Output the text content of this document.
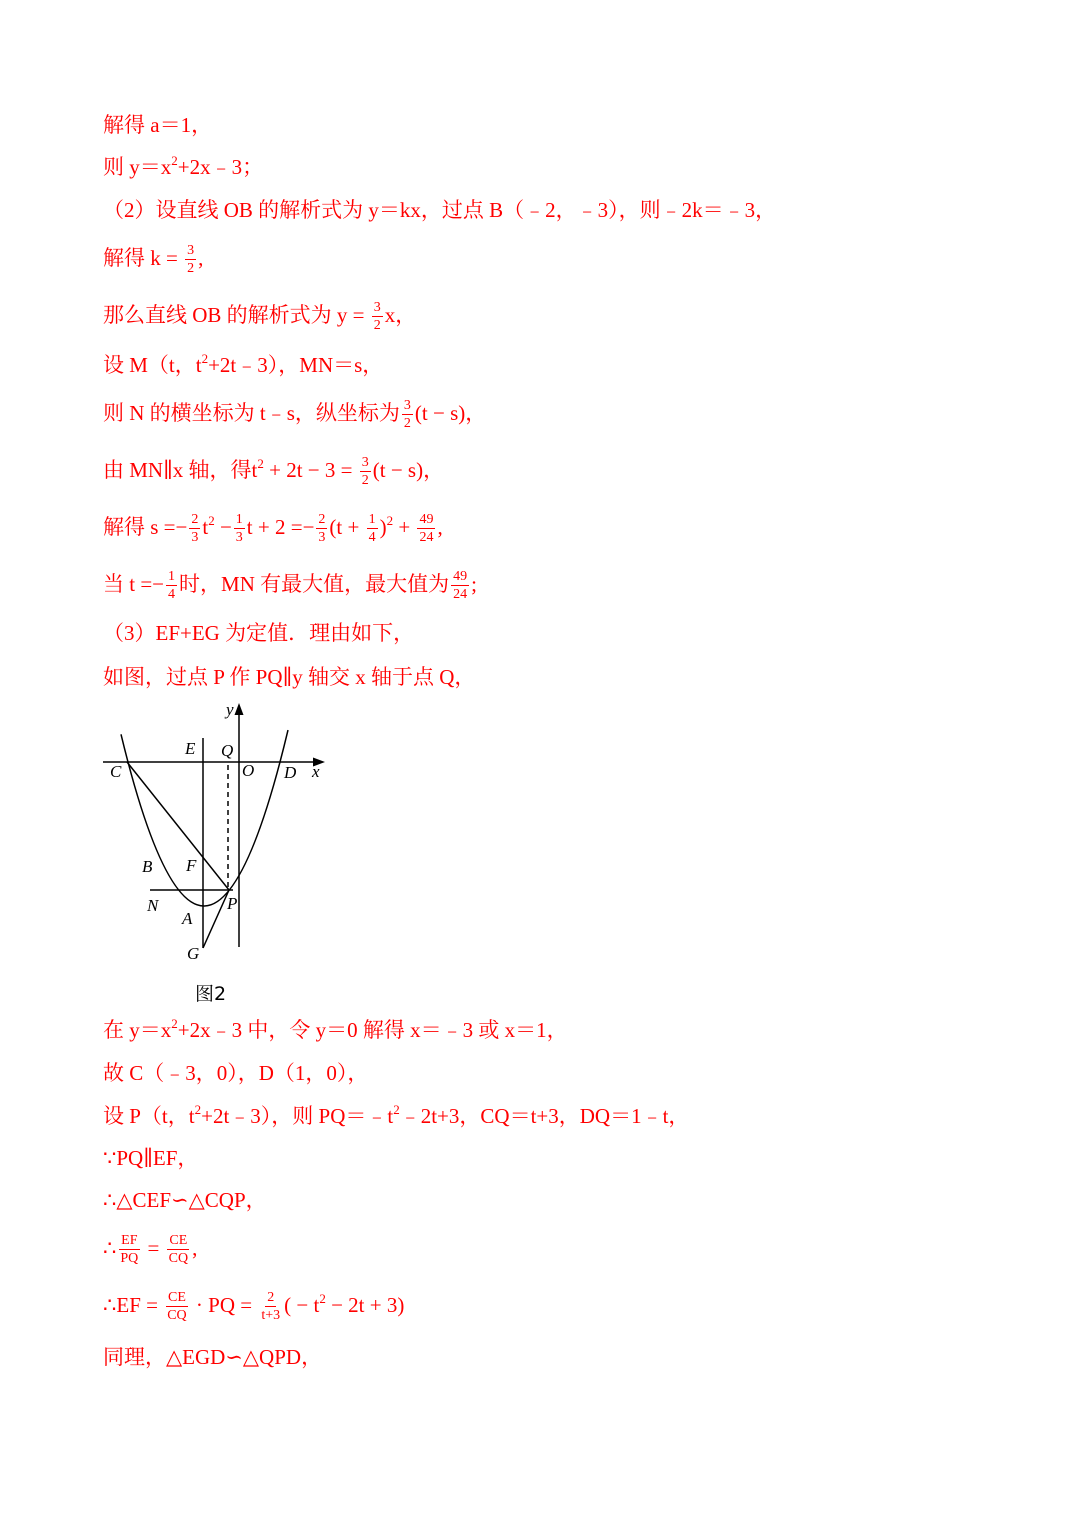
解得 a＝1，
则 $y=x^2+2x﹣3$；
（2）设直线 OB 的解析式为 y＝kx，过点 B（﹣2，﹣3），则﹣2k＝﹣3，
解得 $k = \frac{3}{2}$ ,
那么直线 OB 的解析式为 $y = \frac{3}{2}$ x，
设 M（t，$t^2+2t﹣3$），MN＝s，
则 N 的横坐标为 t﹣s，纵坐标为 $\frac{3}{2} (t - s)$，
由 MN∥x 轴，得$t^2 + 2t - 3 = \frac{3}{2} (t - s)$，
解得 $s =- \frac{2}{3} t^2 - \frac{1}{3}$ $t + 2 =- \frac{2}{3} (t + \frac{1}{4} )^2 + \frac{49}{24}$ ,
当 $t =- \frac{1}{4}$ 时，MN 有最大值，最大值为 $\frac{49}{24}$ ;
（3）EF+EG 为定值．理由如下，
如图，过点 P 作 PQ∥y 轴交 x 轴于点 Q，
y
E Q
C	O D x
B F
N	P
A
G
图2
在 $y=x^2+2x﹣3$ 中，令 y＝0 解得 x＝﹣3 或 x＝1，
故 C（﹣3，0），D（1，0），
设 P（t，$t^2+2t﹣3$），则 $PQ=﹣t^2﹣2t+3$，CQ＝t+3，DQ＝1﹣t，
∵PQ∥EF，
∴△CEF∽△CQP，
∴ $\frac{EF}{PQ} = \frac{CE}{CQ}$ ,
∴EF = $\frac{CE}{CQ}$ · PQ = $\frac{2}{t+3}$ ( − $t^2 - 2t + 3$)
同理，△EGD∽△QPD，
